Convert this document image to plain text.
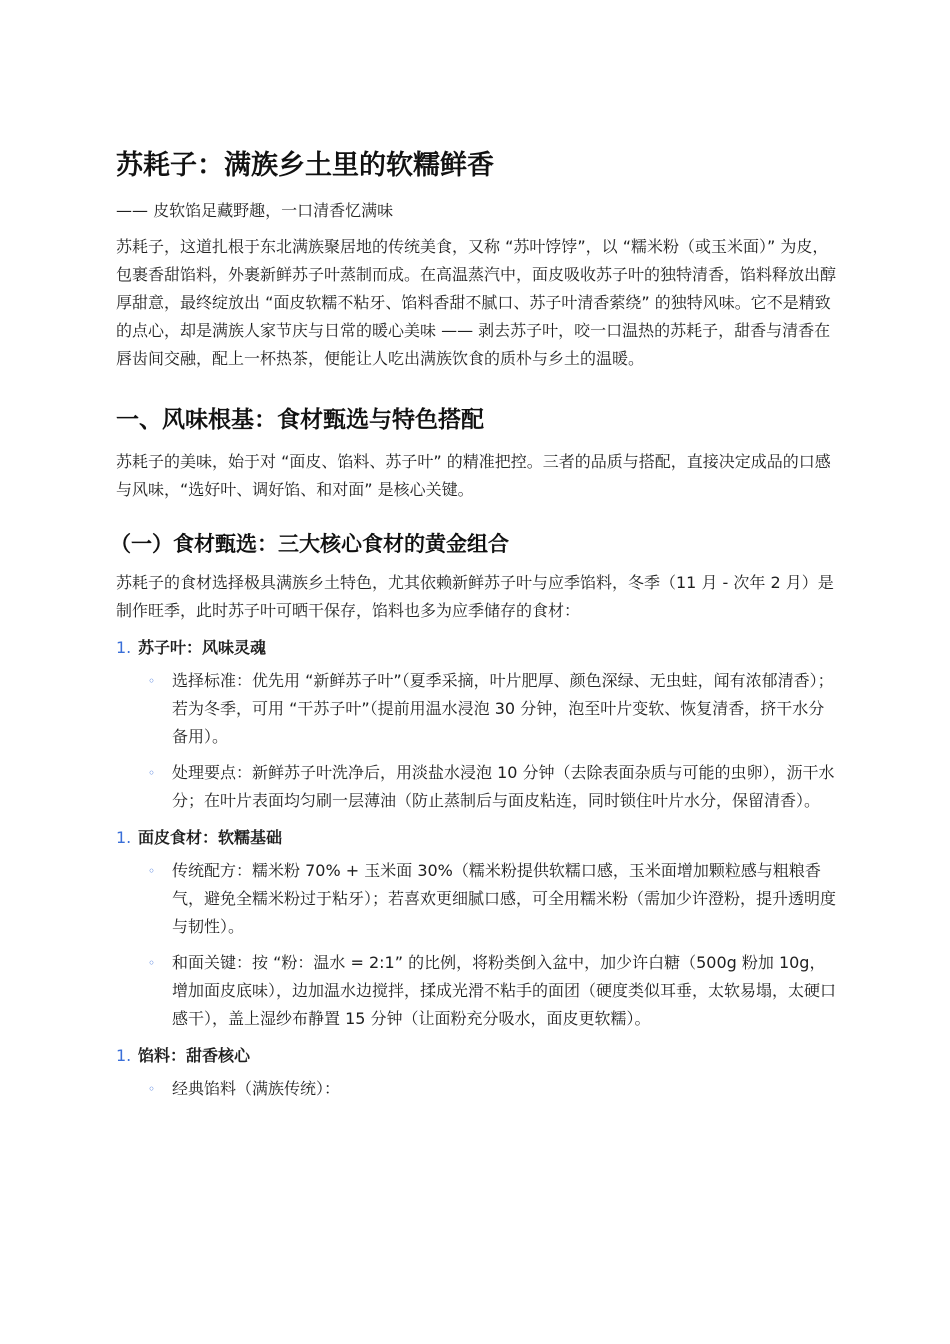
苏耗子：满族乡土里的软糯鲜香
—— 皮软馅足藏野趣，一口清香忆满味

苏耗子，这道扎根于东北满族聚居地的传统美食，又称 “苏叶饽饽”，以 “糯米粉（或玉米面）” 为皮，包裹香甜馅料，外裹新鲜苏子叶蒸制而成。在高温蒸汽中，面皮吸收苏子叶的独特清香，馅料释放出醇厚甜意，最终绽放出 “面皮软糯不粘牙、馅料香甜不腻口、苏子叶清香萦绕” 的独特风味。它不是精致的点心，却是满族人家节庆与日常的暖心美味 —— 剥去苏子叶，咬一口温热的苏耗子，甜香与清香在唇齿间交融，配上一杯热茶，便能让人吃出满族饮食的质朴与乡土的温暖。

一、风味根基：食材甄选与特色搭配

苏耗子的美味，始于对 “面皮、馅料、苏子叶” 的精准把控。三者的品质与搭配，直接决定成品的口感与风味，“选好叶、调好馅、和对面” 是核心关键。

（一）食材甄选：三大核心食材的黄金组合

苏耗子的食材选择极具满族乡土特色，尤其依赖新鲜苏子叶与应季馅料，冬季（11 月 - 次年 2 月）是制作旺季，此时苏子叶可晒干保存，馅料也多为应季储存的食材：

1. 苏子叶：风味灵魂
◦	选择标准：优先用 “新鲜苏子叶”（夏季采摘，叶片肥厚、颜色深绿、无虫蛀，闻有浓郁清香）；若为冬季，可用 “干苏子叶”（提前用温水浸泡 30 分钟，泡至叶片变软、恢复清香，挤干水分备用）。
◦	处理要点：新鲜苏子叶洗净后，用淡盐水浸泡 10 分钟（去除表面杂质与可能的虫卵），沥干水分；在叶片表面均匀刷一层薄油（防止蒸制后与面皮粘连，同时锁住叶片水分，保留清香）。
1. 面皮食材：软糯基础
◦	传统配方：糯米粉 70% + 玉米面 30%（糯米粉提供软糯口感，玉米面增加颗粒感与粗粮香气，避免全糯米粉过于粘牙）；若喜欢更细腻口感，可全用糯米粉（需加少许澄粉，提升透明度与韧性）。
◦	和面关键：按 “粉：温水 = 2:1” 的比例，将粉类倒入盆中，加少许白糖（500g 粉加 10g，增加面皮底味），边加温水边搅拌，揉成光滑不粘手的面团（硬度类似耳垂，太软易塌，太硬口感干），盖上湿纱布静置 15 分钟（让面粉充分吸水，面皮更软糯）。
1. 馅料：甜香核心
◦	经典馅料（满族传统）：
